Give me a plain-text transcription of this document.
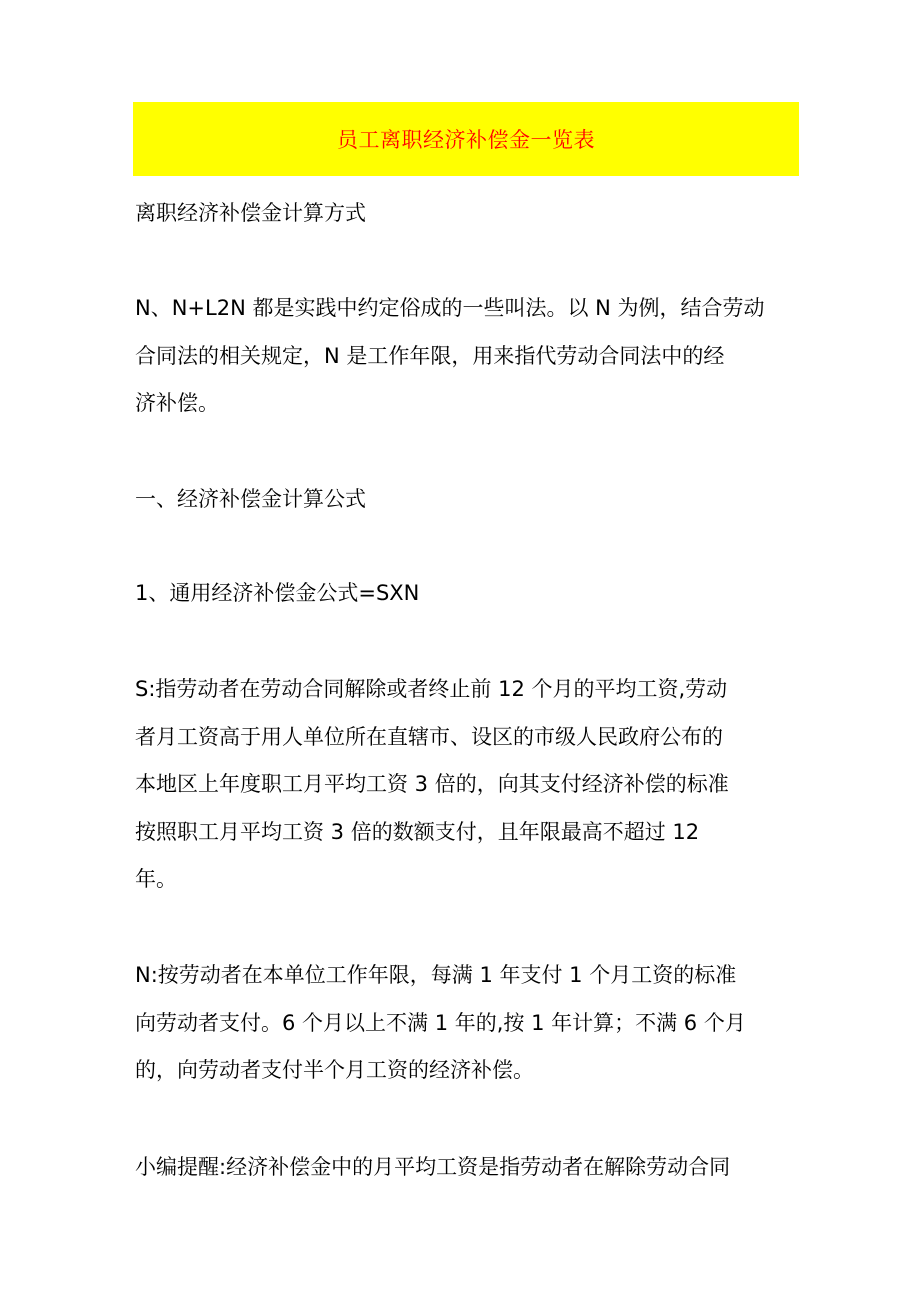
员工离职经济补偿金一览表
离职经济补偿金计算方式
N、N+L2N 都是实践中约定俗成的一些叫法。以 N 为例，结合劳动
合同法的相关规定，N 是工作年限，用来指代劳动合同法中的经
济补偿。
一、经济补偿金计算公式
1、通用经济补偿金公式=SXN
S:指劳动者在劳动合同解除或者终止前 12 个月的平均工资,劳动
者月工资高于用人单位所在直辖市、设区的市级人民政府公布的
本地区上年度职工月平均工资 3 倍的，向其支付经济补偿的标准
按照职工月平均工资 3 倍的数额支付，且年限最高不超过 12
年。
N:按劳动者在本单位工作年限，每满 1 年支付 1 个月工资的标准
向劳动者支付。6 个月以上不满 1 年的,按 1 年计算；不满 6 个月
的，向劳动者支付半个月工资的经济补偿。
小编提醒:经济补偿金中的月平均工资是指劳动者在解除劳动合同
